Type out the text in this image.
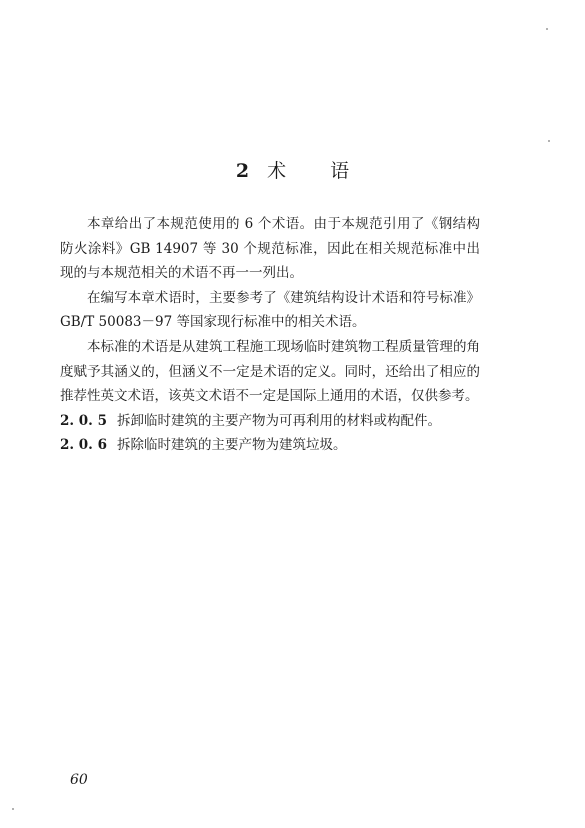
2 术 语

本章给出了本规范使用的 6 个术语。由于本规范引用了《钢结构防火涂料》GB 14907 等 30 个规范标准，因此在相关规范标准中出现的与本规范相关的术语不再一一列出。

在编写本章术语时，主要参考了《建筑结构设计术语和符号标准》GB/T 50083－97 等国家现行标准中的相关术语。

本标准的术语是从建筑工程施工现场临时建筑物工程质量管理的角度赋予其涵义的，但涵义不一定是术语的定义。同时，还给出了相应的推荐性英文术语，该英文术语不一定是国际上通用的术语，仅供参考。

2. 0. 5 拆卸临时建筑的主要产物为可再利用的材料或构配件。

2. 0. 6 拆除临时建筑的主要产物为建筑垃圾。

60
